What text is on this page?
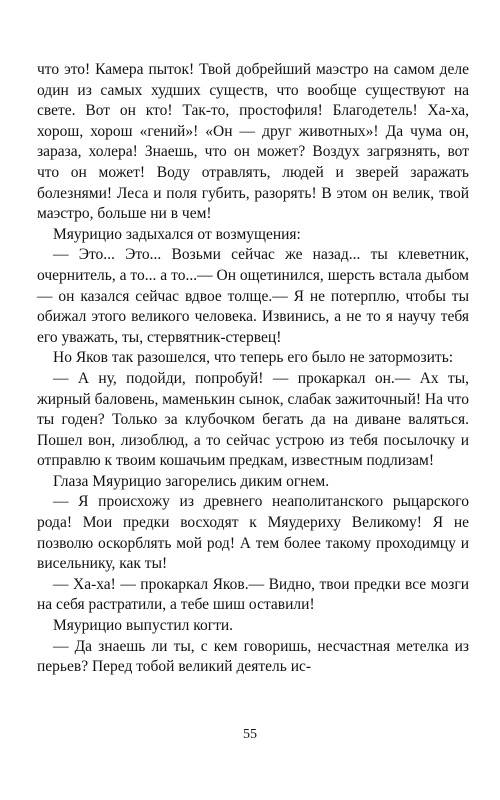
что это! Камера пыток! Твой добрейший маэстро на самом деле один из самых худших существ, что вообще существуют на свете. Вот он кто! Так-то, простофиля! Благодетель! Ха-ха, хорош, хорош «гений»! «Он — друг животных»! Да чума он, зараза, холера! Знаешь, что он может? Воздух загрязнять, вот что он может! Воду отравлять, людей и зверей заражать болезнями! Леса и поля губить, разорять! В этом он велик, твой маэстро, больше ни в чем!

Мяурицио задыхался от возмущения:

— Это... Это... Возьми сейчас же назад... ты клеветник, очернитель, а то... а то...— Он ощетинился, шерсть встала дыбом — он казался сейчас вдвое толще.— Я не потерплю, чтобы ты обижал этого великого человека. Извинись, а не то я научу тебя его уважать, ты, стервятник-стервец!

Но Яков так разошелся, что теперь его было не затормозить:

— А ну, подойди, попробуй! — прокаркал он.— Ах ты, жирный баловень, маменькин сынок, слабак зажиточный! На что ты годен? Только за клубочком бегать да на диване валяться. Пошел вон, лизоблюд, а то сейчас устрою из тебя посылочку и отправлю к твоим кошачьим предкам, известным подлизам!

Глаза Мяурицио загорелись диким огнем.

— Я происхожу из древнего неаполитанского рыцарского рода! Мои предки восходят к Мяудериху Великому! Я не позволю оскорблять мой род! А тем более такому проходимцу и висельнику, как ты!

— Ха-ха! — прокаркал Яков.— Видно, твои предки все мозги на себя растратили, а тебе шиш оставили!

Мяурицио выпустил когти.

— Да знаешь ли ты, с кем говоришь, несчастная метелка из перьев? Перед тобой великий деятель ис-

55
